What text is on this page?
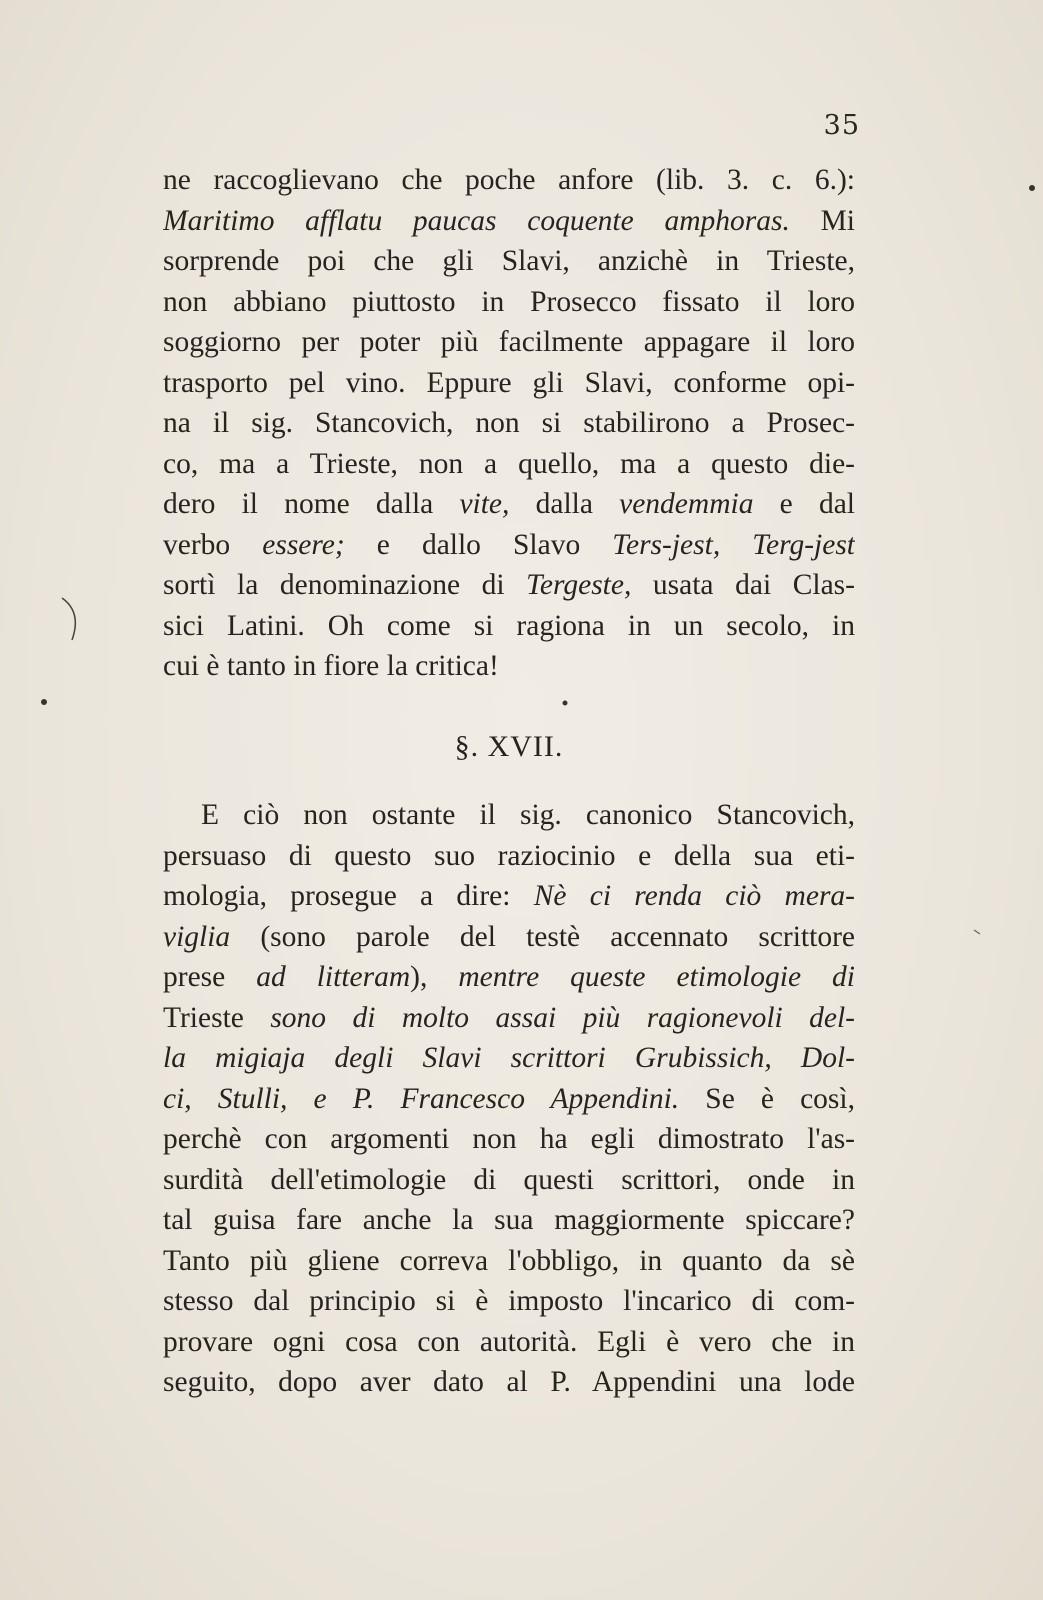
35
ne raccoglievano che poche anfore (lib. 3. c. 6.):
Maritimo afflatu paucas coquente amphoras. Mi
sorprende poi che gli Slavi, anzichè in Trieste,
non abbiano piuttosto in Prosecco fissato il loro
soggiorno per poter più facilmente appagare il loro
trasporto pel vino. Eppure gli Slavi, conforme opi-
na il sig. Stancovich, non si stabilirono a Prosec-
co, ma a Trieste, non a quello, ma a questo die-
dero il nome dalla vite, dalla vendemmia e dal
verbo essere; e dallo Slavo Ters-jest, Terg-jest
sortì la denominazione di Tergeste, usata dai Clas-
sici Latini. Oh come si ragiona in un secolo, in
cui è tanto in fiore la critica!
§. XVII.
E ciò non ostante il sig. canonico Stancovich,
persuaso di questo suo raziocinio e della sua eti-
mologia, prosegue a dire: Nè ci renda ciò mera-
viglia (sono parole del testè accennato scrittore
prese ad litteram), mentre queste etimologie di
Trieste sono di molto assai più ragionevoli del-
la migiaja degli Slavi scrittori Grubissich, Dol-
ci, Stulli, e P. Francesco Appendini. Se è così,
perchè con argomenti non ha egli dimostrato l'as-
surdità dell'etimologie di questi scrittori, onde in
tal guisa fare anche la sua maggiormente spiccare?
Tanto più gliene correva l'obbligo, in quanto da sè
stesso dal principio si è imposto l'incarico di com-
provare ogni cosa con autorità. Egli è vero che in
seguito, dopo aver dato al P. Appendini una lode
